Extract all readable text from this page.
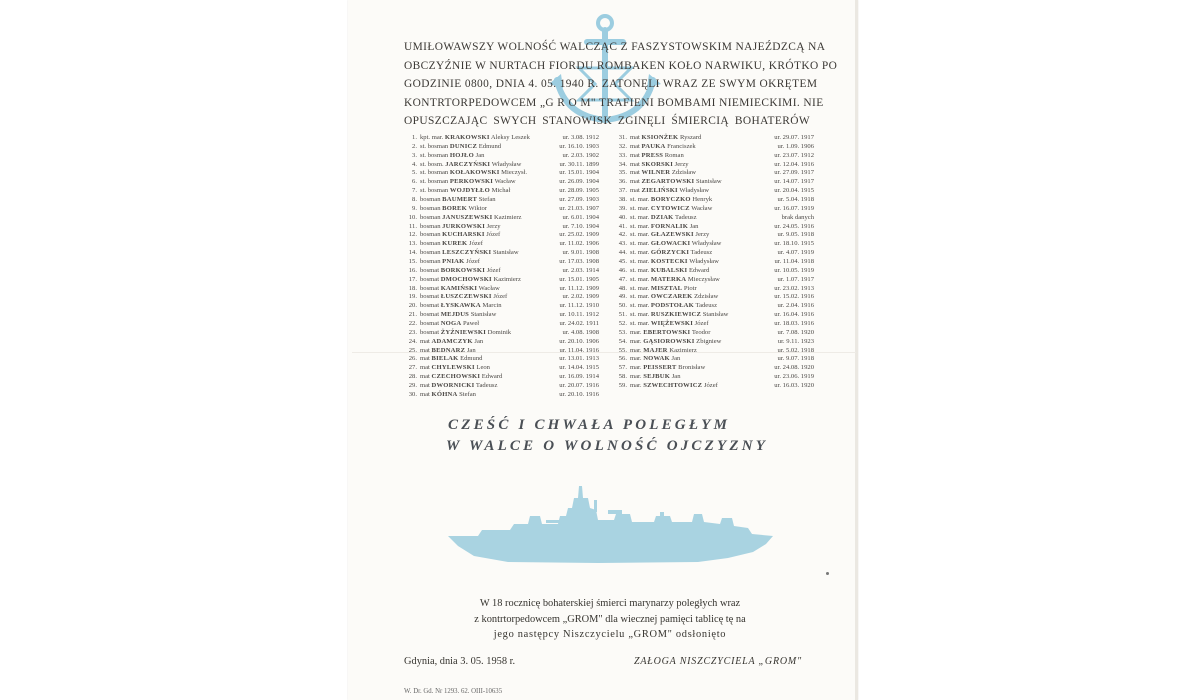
UMIŁOWAWSZY WOLNOŚĆ WALCZĄC Z FASZYSTOWSKIM NAJEŹDZCĄ NA
OBCZYŹNIE W NURTACH FIORDU ROMBAKEN KOŁO NARWIKU, KRÓTKO PO
GODZINIE 0800, DNIA 4. 05. 1940 R. ZATONĘLI WRAZ ZE SWYM OKRĘTEM
KONTRTORPEDOWCEM „G R O M" TRAFIENI BOMBAMI NIEMIECKIMI. NIE
OPUSZCZAJĄC SWYCH STANOWISK ZGINĘLI ŚMIERCIĄ BOHATERÓW
1. kpt. mar. KRAKOWSKI Aleksy Leszek	ur. 3.08. 1912
2. st. bosman DUNICZ Edmund	ur. 16.10. 1903
3. st. bosman HOJŁO Jan	ur. 2.03. 1902
4. st. bosm. JARCZYŃSKI Władysław	ur. 30.11. 1899
5. st. bosman KOŁAKOWSKI Mieczysł.	ur. 15.01. 1904
6. st. bosman PERKOWSKI Wacław	ur. 26.09. 1904
7. st. bosman WOJDYŁŁO Michał	ur. 28.09. 1905
8. bosman BAUMERT Stefan	ur. 27.09. 1903
9. bosman BOREK Wiktor	ur. 21.03. 1907
10. bosman JANUSZEWSKI Kazimierz	ur. 6.01. 1904
11. bosman JURKOWSKI Jerzy	ur. 7.10. 1904
12. bosman KUCHARSKI Józef	ur. 25.02. 1909
13. bosman KUREK Józef	ur. 11.02. 1906
14. bosman LESZCZYŃSKI Stanisław	ur. 9.01. 1908
15. bosman PNIAK Józef	ur. 17.03. 1908
16. bosmat BORKOWSKI Józef	ur. 2.03. 1914
17. bosmat DMOCHOWSKI Kazimierz	ur. 15.01. 1905
18. bosmat KAMIŃSKI Wacław	ur. 11.12. 1909
19. bosmat ŁUSZCZEWSKI Józef	ur. 2.02. 1909
20. bosmat ŁYSKAWKA Marcin	ur. 11.12. 1910
21. bosmat MEJDUS Stanisław	ur. 10.11. 1912
22. bosmat NOGA Paweł	ur. 24.02. 1911
23. bosmat ŻYŹNIEWSKI Dominik	ur. 4.08. 1908
24. mat ADAMCZYK Jan	ur. 20.10. 1906
25. mat BEDNARZ Jan	ur. 11.04. 1916
26. mat BIELAK Edmund	ur. 13.01. 1913
27. mat CHYLEWSKI Leon	ur. 14.04. 1915
28. mat CZECHOWSKI Edward	ur. 16.09. 1914
29. mat DWORNICKI Tadeusz	ur. 20.07. 1916
30. mat KÓHNA Stefan	ur. 20.10. 1916
31. mat KSIONŻEK Ryszard	ur. 29.07. 1917
32. mat PAUKA Franciszek	ur. 1.09. 1906
33. mat PRESS Roman	ur. 23.07. 1912
34. mat SKORSKI Jerzy	ur. 12.04. 1916
35. mat WILNER Zdzisław	ur. 27.09. 1917
36. mat ZEGARTOWSKI Stanisław	ur. 14.07. 1917
37. mat ZIELIŃSKI Władysław	ur. 20.04. 1915
38. st. mar. BORYCZKO Henryk	ur. 5.04. 1918
39. st. mar. CYTOWICZ Wacław	ur. 16.07. 1919
40. st. mar. DZIAK Tadeusz	brak danych
41. st. mar. FORNALIK Jan	ur. 24.05. 1916
42. st. mar. GŁAZEWSKI Jerzy	ur. 9.05. 1918
43. st. mar. GŁOWACKI Władysław	ur. 18.10. 1915
44. st. mar. GÓRZYCKI Tadeusz	ur. 4.07. 1919
45. st. mar. KOSTECKI Władysław	ur. 11.04. 1918
46. st. mar. KUBALSKI Edward	ur. 10.05. 1919
47. st. mar. MATERKA Mieczysław	ur. 1.07. 1917
48. st. mar. MISZTAL Piotr	ur. 23.02. 1913
49. st. mar. OWCZAREK Zdzisław	ur. 15.02. 1916
50. st. mar. PODSTOŁAK Tadeusz	ur. 2.04. 1916
51. st. mar. RUSZKIEWICZ Stanisław	ur. 16.04. 1916
52. st. mar. WIĘŻEWSKI Józef	ur. 18.03. 1916
53. mar. EBERTOWSKI Teodor	ur. 7.08. 1920
54. mar. GĄSIOROWSKI Zbigniew	ur. 9.11. 1923
55. mar. MAJER Kazimierz	ur. 5.02. 1918
56. mar. NOWAK Jan	ur. 9.07. 1918
57. mar. PEISSERT Bronisław	ur. 24.08. 1920
58. mar. SEJBUK Jan	ur. 23.06. 1919
59. mar. SZWECHTOWICZ Józef	ur. 16.03. 1920
CZEŚĆ I CHWAŁA POLEGŁYM
W WALCE O WOLNOŚĆ OJCZYZNY
W 18 rocznicę bohaterskiej śmierci marynarzy poległych wraz
z kontrtorpedowcem „GROM" dla wiecznej pamięci tablicę tę na
jego następcy Niszczycielu „GROM" odsłonięto
Gdynia, dnia 3. 05. 1958 r.	ZAŁOGA NISZCZYCIELA „GROM"
W. Dr. Gd. Nr 1293. 62. OIII-10635
